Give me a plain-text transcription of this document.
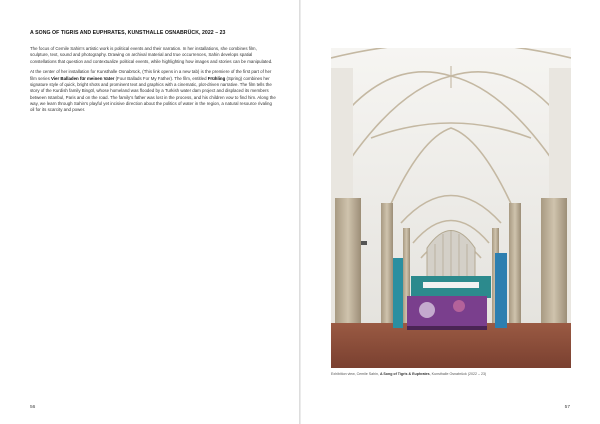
A SONG OF TIGRIS AND EUPHRATES, KUNSTHALLE OSNABRÜCK, 2022 – 23

The focus of Cemile Sahin's artistic work is political events and their narration. In her installations, she combines film, sculpture, text, sound and photography. Drawing on archival material and true occurrences, Sahin develops spatial constellations that question and contextualize political events, while highlighting how images and stories can be manipulated.

At the center of her installation for Kunsthalle Osnabrück, (This link opens in a new tab) is the premiere of the first part of her film series Vier Balladen für meinen Vater (Four Ballads For My Father). The film, entitled Frühling (Spring) combines her signature style of quick, bright shots and prominent text and graphics with a cinematic, plot-driven narrative. The film tells the story of the Kurdish family Bingöl, whose homeland was flooded by a Turkish water dam project and displaced its members between Istanbul, Paris and on the road. The family's father was lost in the process, and his children vow to find him. Along the way, we learn through Sahin's playful yet incisive direction about the politics of water in the region, a natural resource rivaling oil for its scarcity and power.

56
Exhibition view, Cemile Sahin, A Song of Tigris & Euphrates, Kunsthalle Osnabrück (2022 – 23)
57
